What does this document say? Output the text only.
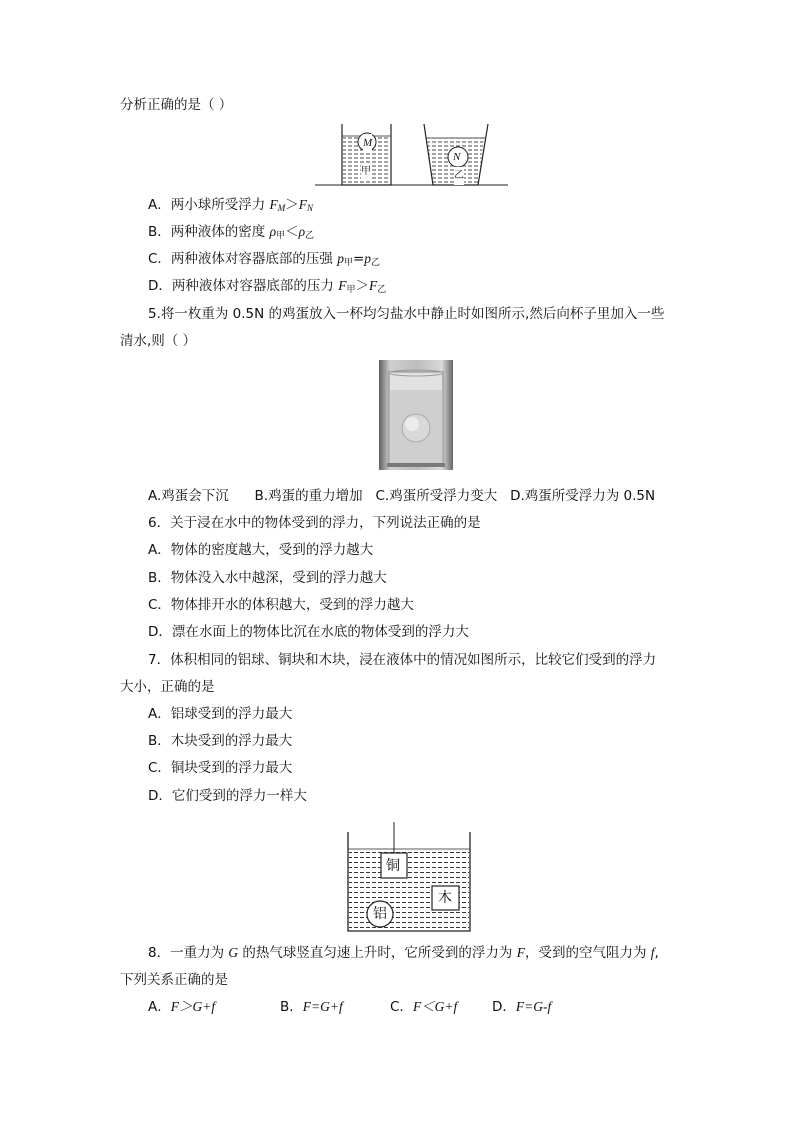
分析正确的是（ ）
M
N
甲	乙
A．两小球所受浮力 $F_M>F_N$
B．两种液体的密度 $\rho_甲<\rho_乙$
C．两种液体对容器底部的压强 $p_甲=p_乙$
D．两种液体对容器底部的压力 $F_甲>F_乙$
5.将一枚重为 0.5N 的鸡蛋放入一杯均匀盐水中静止时如图所示,然后向杯子里加入一些
清水,则（ ）
A.鸡蛋会下沉 B.鸡蛋的重力增加 C.鸡蛋所受浮力变大 D.鸡蛋所受浮力为 0.5N
6．关于浸在水中的物体受到的浮力，下列说法正确的是
A．物体的密度越大，受到的浮力越大
B．物体没入水中越深，受到的浮力越大
C．物体排开水的体积越大，受到的浮力越大
D．漂在水面上的物体比沉在水底的物体受到的浮力大
7．体积相同的铝球、铜块和木块，浸在液体中的情况如图所示，比较它们受到的浮力
大小，正确的是
A．铝球受到的浮力最大
B．木块受到的浮力最大
C．铜块受到的浮力最大
D．它们受到的浮力一样大
铜
木
铝
8．一重力为 G 的热气球竖直匀速上升时，它所受到的浮力为 F，受到的空气阻力为 f,
下列关系正确的是
A．F＞G+f	B．F=G+f	C．F＜G+f	D．F=G-f
